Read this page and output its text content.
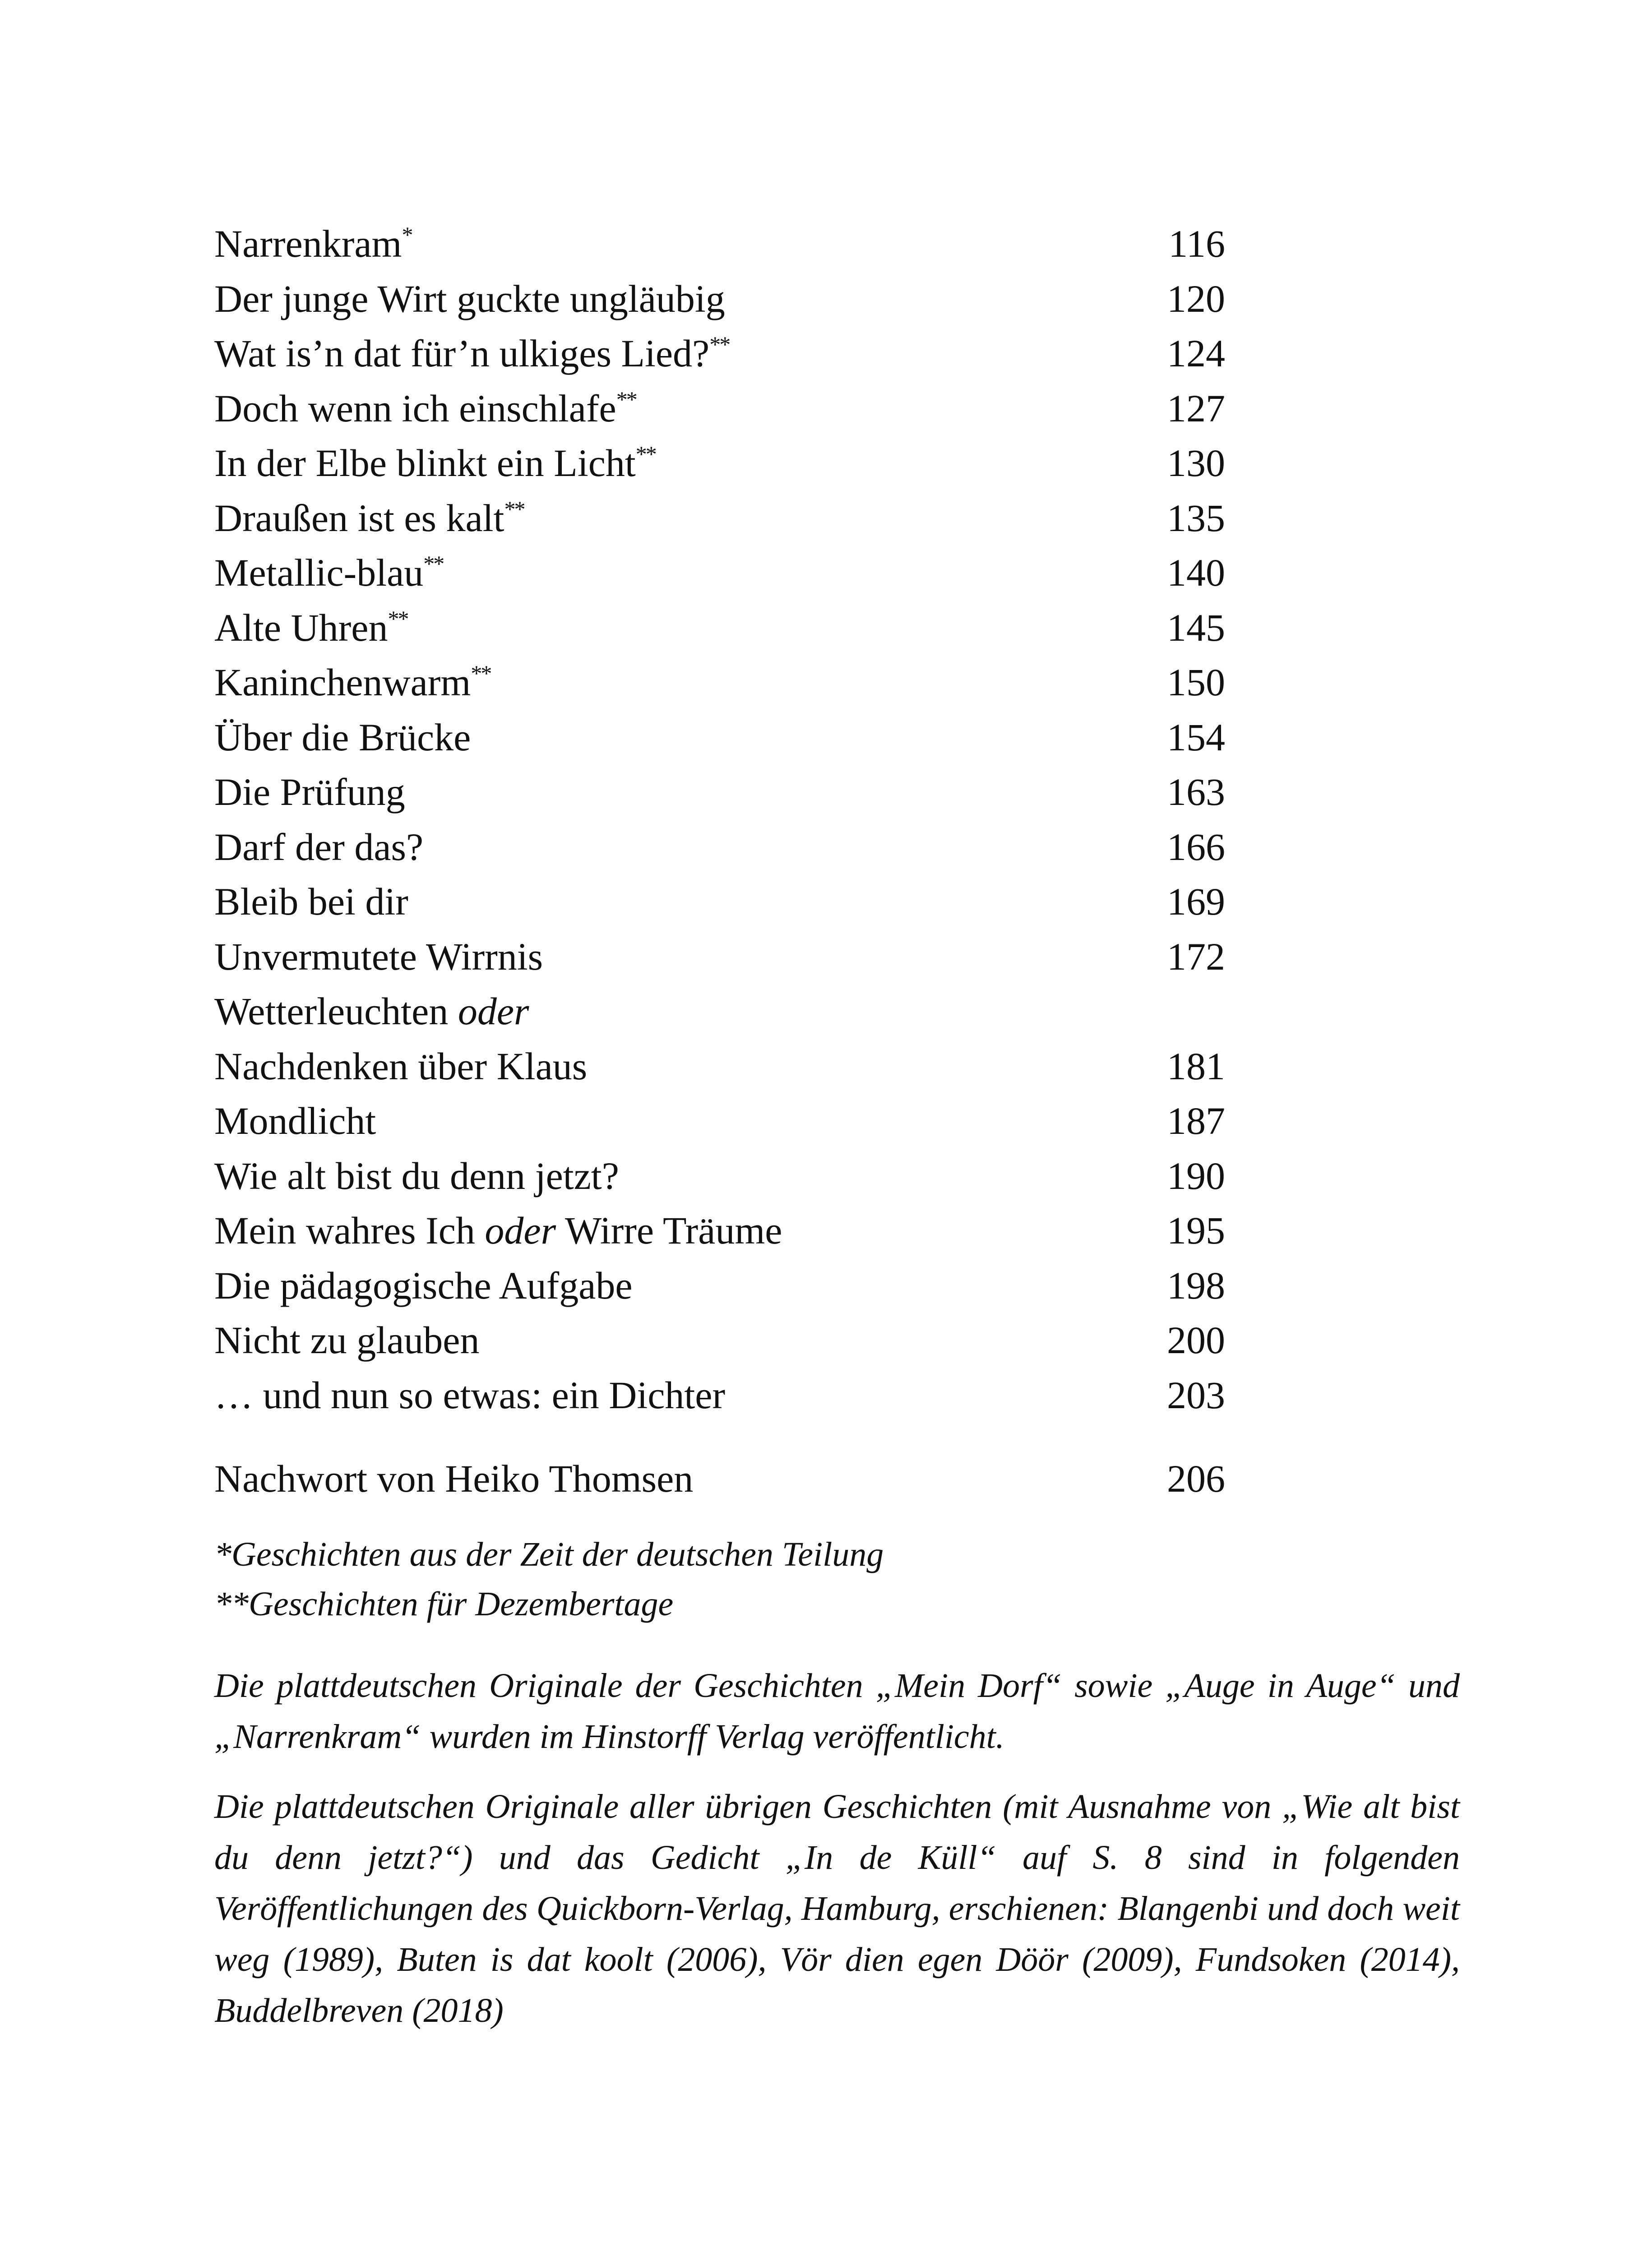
Narrenkram*	116
Der junge Wirt guckte ungläubig	120
Wat is’n dat für’n ulkiges Lied?**	124
Doch wenn ich einschlafe**	127
In der Elbe blinkt ein Licht**	130
Draußen ist es kalt**	135
Metallic-blau**	140
Alte Uhren**	145
Kaninchenwarm**	150
Über die Brücke	154
Die Prüfung	163
Darf der das?	166
Bleib bei dir	169
Unvermutete Wirrnis	172
Wetterleuchten oder
Nachdenken über Klaus	181
Mondlicht	187
Wie alt bist du denn jetzt?	190
Mein wahres Ich oder Wirre Träume	195
Die pädagogische Aufgabe	198
Nicht zu glauben	200
… und nun so etwas: ein Dichter	203
Nachwort von Heiko Thomsen	206

*Geschichten aus der Zeit der deutschen Teilung

**Geschichten für Dezembertage

Die plattdeutschen Originale der Geschichten „Mein Dorf“ sowie „Auge in Auge“ und „Narrenkram“ wurden im Hinstorff Verlag veröffentlicht.

Die plattdeutschen Originale aller übrigen Geschichten (mit Ausnahme von „Wie alt bist du denn jetzt?“) und das Gedicht „In de Küll“ auf S. 8 sind in folgenden Veröffentlichungen des Quickborn-Verlag, Hamburg, erschienen: Blangenbi und doch weit weg (1989), Buten is dat koolt (2006), Vör dien egen Döör (2009), Fundsoken (2014), Buddelbreven (2018)
